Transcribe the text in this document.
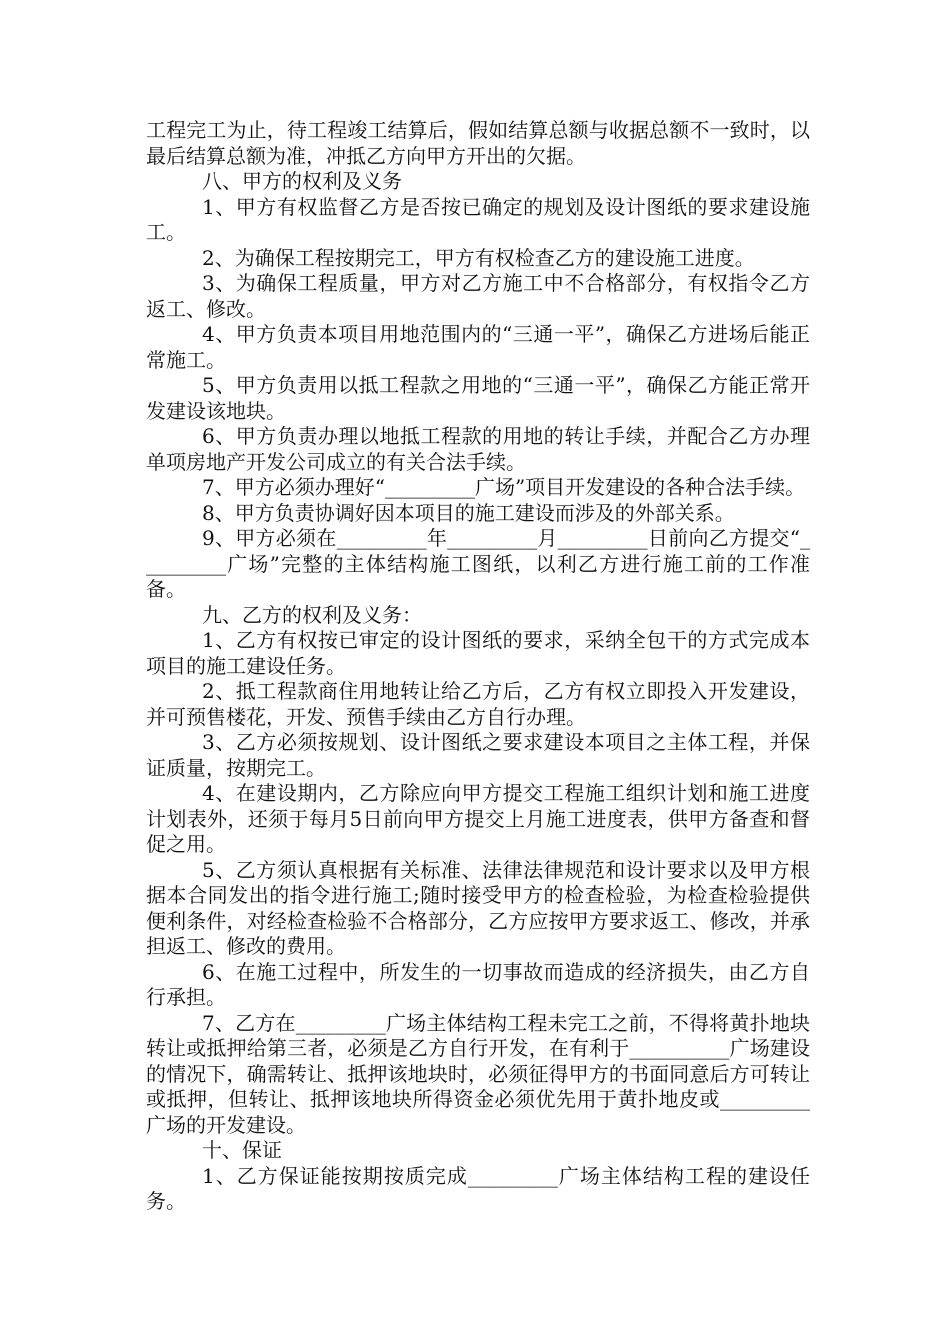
工程完工为止，待工程竣工结算后，假如结算总额与收据总额不一致时，以最后结算总额为准，冲抵乙方向甲方开出的欠据。

八、甲方的权利及义务

1、甲方有权监督乙方是否按已确定的规划及设计图纸的要求建设施工。

2、为确保工程按期完工，甲方有权检查乙方的建设施工进度。

3、为确保工程质量，甲方对乙方施工中不合格部分，有权指令乙方返工、修改。

4、甲方负责本项目用地范围内的“三通一平”，确保乙方进场后能正常施工。

5、甲方负责用以抵工程款之用地的“三通一平”，确保乙方能正常开发建设该地块。

6、甲方负责办理以地抵工程款的用地的转让手续，并配合乙方办理单项房地产开发公司成立的有关合法手续。

7、甲方必须办理好“_________广场”项目开发建设的各种合法手续。

8、甲方负责协调好因本项目的施工建设而涉及的外部关系。

9、甲方必须在_________年_________月_________日前向乙方提交“_________广场”完整的主体结构施工图纸，以利乙方进行施工前的工作准备。

九、乙方的权利及义务：

1、乙方有权按已审定的设计图纸的要求，采纳全包干的方式完成本项目的施工建设任务。

2、抵工程款商住用地转让给乙方后，乙方有权立即投入开发建设，并可预售楼花，开发、预售手续由乙方自行办理。

3、乙方必须按规划、设计图纸之要求建设本项目之主体工程，并保证质量，按期完工。

4、在建设期内，乙方除应向甲方提交工程施工组织计划和施工进度计划表外，还须于每月5日前向甲方提交上月施工进度表，供甲方备查和督促之用。

5、乙方须认真根据有关标准、法律法律规范和设计要求以及甲方根据本合同发出的指令进行施工;随时接受甲方的检查检验，为检查检验提供便利条件，对经检查检验不合格部分，乙方应按甲方要求返工、修改，并承担返工、修改的费用。

6、在施工过程中，所发生的一切事故而造成的经济损失，由乙方自行承担。

7、乙方在_________广场主体结构工程未完工之前，不得将黄扑地块转让或抵押给第三者，必须是乙方自行开发，在有利于__________广场建设的情况下，确需转让、抵押该地块时，必须征得甲方的书面同意后方可转让或抵押，但转让、抵押该地块所得资金必须优先用于黄扑地皮或_________广场的开发建设。

十、保证

1、乙方保证能按期按质完成_________广场主体结构工程的建设任务。
